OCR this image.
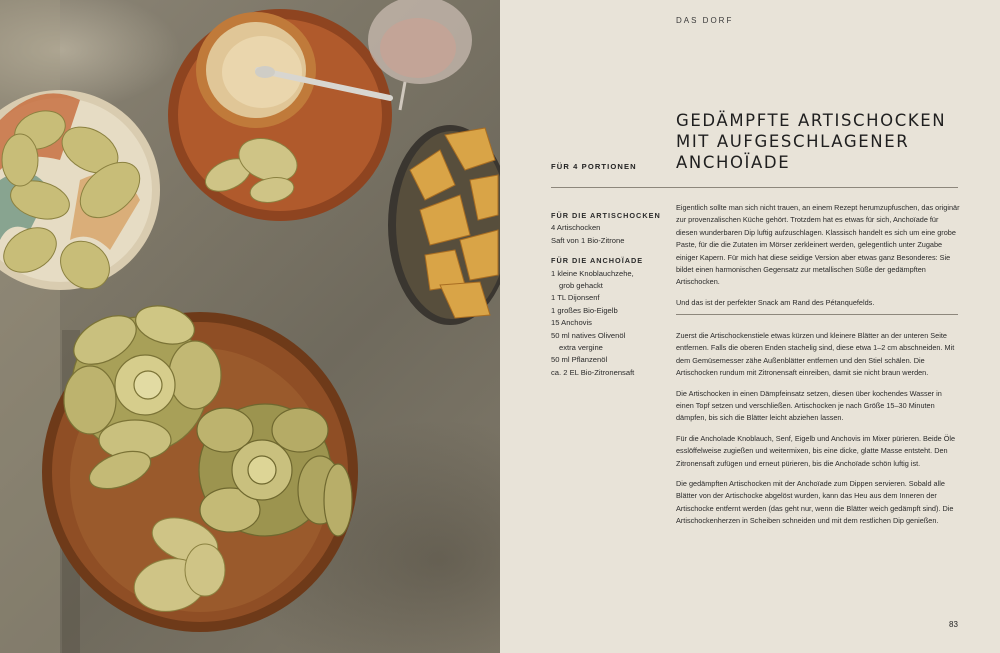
DAS DORF
GEDÄMPFTE ARTISCHOCKEN
MIT AUFGESCHLAGENER
ANCHOÏADE
FÜR 4 PORTIONEN

FÜR DIE ARTISCHOCKEN

4 Artischocken
Saft von 1 Bio-Zitrone

FÜR DIE ANCHOÏADE

1 kleine Knoblauchzehe,
grob gehackt
1 TL Dijonsenf
1 großes Bio-Eigelb
15 Anchovis
50 ml natives Olivenöl
extra vergine
50 ml Pflanzenöl
ca. 2 EL Bio-Zitronensaft

Eigentlich sollte man sich nicht trauen, an einem Rezept herumzupfuschen, das originär zur provenzalischen Küche gehört. Trotzdem hat es etwas für sich, Anchoïade für diesen wunderbaren Dip luftig aufzuschlagen. Klassisch handelt es sich um eine grobe Paste, für die die Zutaten im Mörser zerkleinert werden, gelegentlich unter Zugabe einiger Kapern. Für mich hat diese seidige Version aber etwas ganz Besonderes: Sie bildet einen harmonischen Gegensatz zur metallischen Süße der gedämpften Artischocken.

Und das ist der perfekter Snack am Rand des Pétanquefelds.

Zuerst die Artischockenstiele etwas kürzen und kleinere Blätter an der unteren Seite entfernen. Falls die oberen Enden stachelig sind, diese etwa 1–2 cm abschneiden. Mit dem Gemüsemesser zähe Außenblätter entfernen und den Stiel schälen. Die Artischocken rundum mit Zitronensaft einreiben, damit sie nicht braun werden.

Die Artischocken in einen Dämpfeinsatz setzen, diesen über kochendes Wasser in einen Topf setzen und verschließen. Artischocken je nach Größe 15–30 Minuten dämpfen, bis sich die Blätter leicht abziehen lassen.

Für die Anchoïade Knoblauch, Senf, Eigelb und Anchovis im Mixer pürieren. Beide Öle esslöffelweise zugießen und weitermixen, bis eine dicke, glatte Masse entsteht. Den Zitronensaft zufügen und erneut pürieren, bis die Anchoïade schön luftig ist.

Die gedämpften Artischocken mit der Anchoïade zum Dippen servieren. Sobald alle Blätter von der Artischocke abgelöst wurden, kann das Heu aus dem Inneren der Artischocke entfernt werden (das geht nur, wenn die Blätter weich gedämpft sind). Die Artischockenherzen in Scheiben schneiden und mit dem restlichen Dip genießen.

83
